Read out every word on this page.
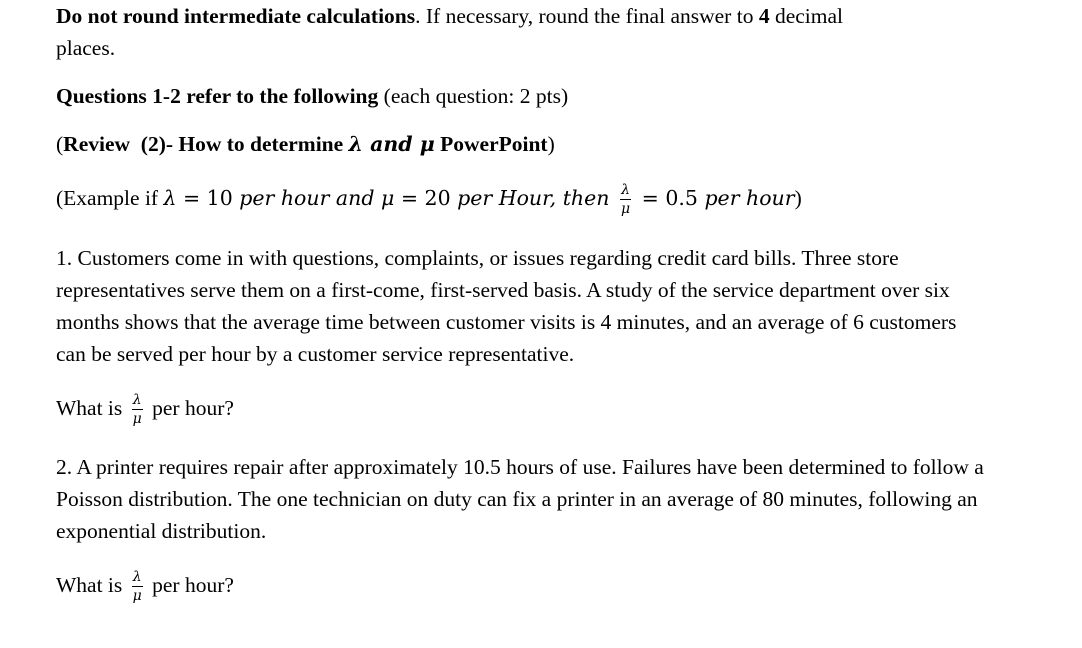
Do not round intermediate calculations. If necessary, round the final answer to 4 decimal
places.
Questions 1-2 refer to the following (each question: 2 pts)
(Review  (2)- How to determine λ and μ PowerPoint)
(Example if λ = 10 per hour and μ = 20 per Hour, then $\frac{\lambda}{\mu} = 0.5$ per hour)

1. Customers come in with questions, complaints, or issues regarding credit card bills. Three store representatives serve them on a first-come, first-served basis. A study of the service department over six months shows that the average time between customer visits is 4 minutes, and an average of 6 customers can be served per hour by a customer service representative.

What is $\frac{\lambda}{\mu}$ per hour?

2. A printer requires repair after approximately 10.5 hours of use. Failures have been determined to follow a Poisson distribution. The one technician on duty can fix a printer in an average of 80 minutes, following an exponential distribution.

What is $\frac{\lambda}{\mu}$ per hour?
